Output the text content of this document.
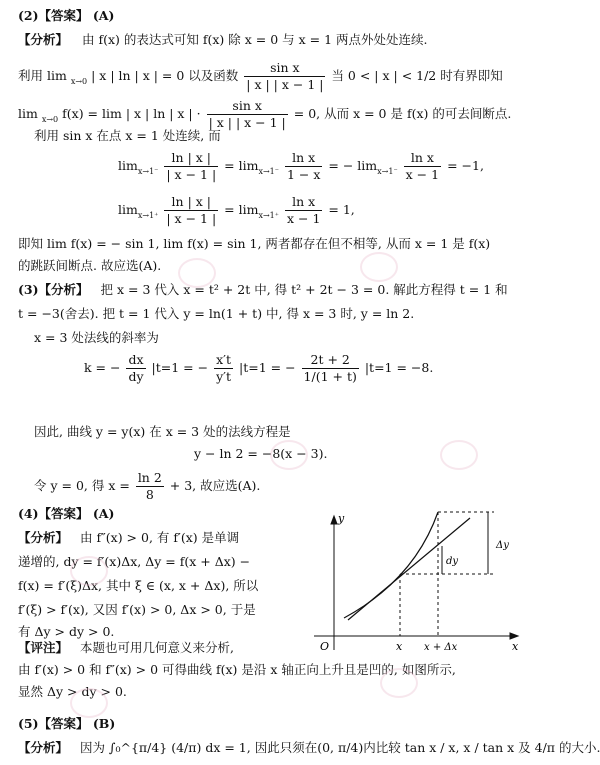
(2)【答案】 (A)
【分析】 由 f(x) 的表达式可知 f(x) 除 x = 0 与 x = 1 两点外处处连续.
利用 lim $_{x\to 0}$ | x | ln | x | = 0 以及函数 $\frac{\text{sin x}}{| x | | x - 1 |}$ 当 0 < | x | < 1/2 时有界即知
lim $_{x\to 0}$ f(x) = lim | x | ln | x | · $\frac{\text{sin x}}{| x | | x - 1 |} = 0$, 从而 x = 0 是 f(x) 的可去间断点.
利用 sin x 在点 x = 1 处连续, 而
$\lim_{x\to 1^-} \frac{\ln | x |}{| x - 1 |} = \lim_{x\to 1^-} \frac{\text{ln x}}{1 - x}$ = − $\lim_{x\to 1^-} \frac{\text{ln x}}{x - 1} = -1$,
$\lim_{x\to 1^+} \frac{\ln | x |}{| x - 1 |} = \lim_{x\to 1^+} \frac{\text{ln x}}{x - 1} = 1$,
即知 lim f(x) = − sin 1, lim f(x) = sin 1, 两者都存在但不相等, 从而 x = 1 是 f(x)
的跳跃间断点. 故应选(A).
(3)【分析】 把 x = 3 代入 x = t² + 2t 中, 得 t² + 2t − 3 = 0. 解此方程得 t = 1 和
t = −3(舍去). 把 t = 1 代入 y = ln(1 + t) 中, 得 x = 3 时, y = ln 2.
x = 3 处法线的斜率为
k = − $\frac{dx}{dy} |t=1$ = − $\frac{x't}{y't} |t=1$ = − $\frac{2t + 2}{1/(1 + t)} |t=1 = -8$.
因此, 曲线 y = y(x) 在 x = 3 处的法线方程是
y − ln 2 = −8(x − 3).
令 y = 0, 得 $x = \frac{\ln 2}{8} + 3$, 故应选(A).
(4)【答案】 (A)
【分析】 由 f″(x) > 0, 有 f′(x) 是单调
递增的, dy = f′(x)Δx, Δy = f(x + Δx) −
f(x) = f′(ξ)Δx, 其中 ξ ∈ (x, x + Δx), 所以
f′(ξ) > f′(x), 又因 f′(x) > 0, Δx > 0, 于是
有 Δy > dy > 0.
【评注】 本题也可用几何意义来分析,
由 f′(x) > 0 和 f″(x) > 0 可得曲线 f(x) 是沿 x 轴正向上升且是凹的, 如图所示,
显然 Δy > dy > 0.
(5)【答案】 (B)
【分析】 因为 ∫₀^{π/4} (4/π) dx = 1, 因此只须在(0, π/4)内比较 tan x / x, x / tan x 及 4/π 的大小.
y
x
O	x x + Δx
dy
Δy
